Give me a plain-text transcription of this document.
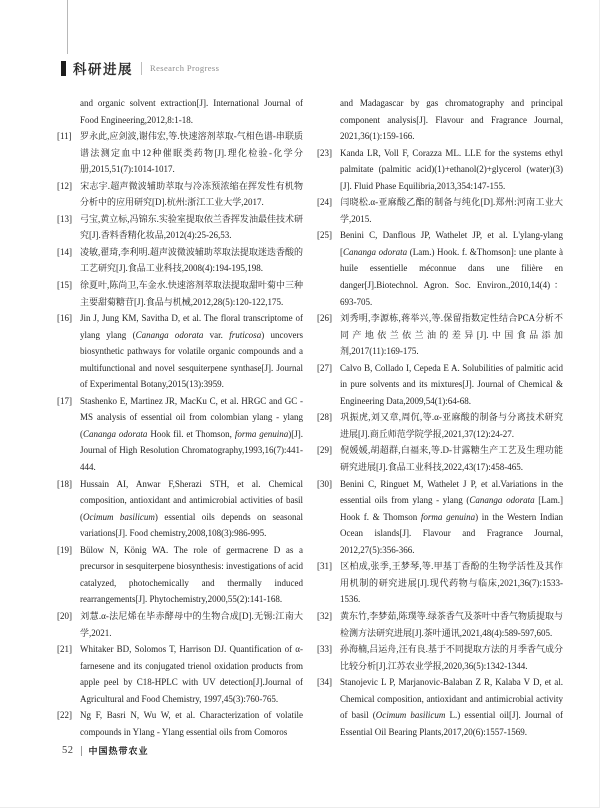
科研进展 Research Progress
and organic solvent extraction[J]. International Journal of Food Engineering,2012,8:1-18.
[11] 罗永此,应剑波,谢伟宏,等.快速溶剂萃取-气相色谱-串联质谱法测定血中12种催眠类药物[J].理化检验-化学分册,2015,51(7):1014-1017.
[12] 宋志宇.超声微波辅助萃取与冷冻预浓缩在挥发性有机物分析中的应用研究[D].杭州:浙江工业大学,2017.
[13] 弓宝,黄立标,冯锦东.实验室提取依兰香挥发油最佳技术研究[J].香料香精化妆品,2012(4):25-26,53.
[14] 凌敏,翟琦,李利明.超声波微波辅助萃取法提取迷迭香酸的工艺研究[J].食品工业科技,2008(4):194-195,198.
[15] 徐夏叶,陈尚卫,车金水.快速溶剂萃取法提取甜叶菊中三种主要甜菊糖苷[J].食品与机械,2012,28(5):120-122,175.
[16] Jin J, Jung KM, Savitha D, et al. The floral transcriptome of ylang ylang (Cananga odorata var. fruticosa) uncovers biosynthetic pathways for volatile organic compounds and a multifunctional and novel sesquiterpene synthase[J]. Journal of Experimental Botany,2015(13):3959.
[17] Stashenko E, Martinez JR, MacKu C, et al. HRGC and GC - MS analysis of essential oil from colombian ylang - ylang (Cananga odorata Hook fil. et Thomson, forma genuina)[J]. Journal of High Resolution Chromatography,1993,16(7):441-444.
[18] Hussain AI, Anwar F,Sherazi STH, et al. Chemical composition, antioxidant and antimicrobial activities of basil (Ocimum basilicum) essential oils depends on seasonal variations[J]. Food chemistry,2008,108(3):986-995.
[19] Bülow N, König WA. The role of germacrene D as a precursor in sesquiterpene biosynthesis: investigations of acid catalyzed, photochemically and thermally induced rearrangements[J]. Phytochemistry,2000,55(2):141-168.
[20] 刘慧.α-法尼烯在毕赤酵母中的生物合成[D].无锡:江南大学,2021.
[21] Whitaker BD, Solomos T, Harrison DJ. Quantification of α-farnesene and its conjugated trienol oxidation products from apple peel by C18-HPLC with UV detection[J].Journal of Agricultural and Food Chemistry, 1997,45(3):760-765.
[22] Ng F, Basri N, Wu W, et al. Characterization of volatile compounds in Ylang - Ylang essential oils from Comoros
and Madagascar by gas chromatography and principal component analysis[J]. Flavour and Fragrance Journal, 2021,36(1):159-166.
[23] Kanda LR, Voll F, Corazza ML. LLE for the systems ethyl palmitate (palmitic acid)(1)+ethanol(2)+glycerol (water)(3)[J]. Fluid Phase Equilibria,2013,354:147-155.
[24] 闫晓松.α-亚麻酸乙酯的制备与纯化[D].郑州:河南工业大学,2015.
[25] Benini C, Danflous JP, Wathelet JP, et al. L'ylang-ylang [Cananga odorata (Lam.) Hook. f. &Thomson]: une plante à huile essentielle méconnue dans une filière en danger[J].Biotechnol. Agron. Soc. Environ.,2010,14(4)：693-705.
[26] 刘秀明,李源栋,蒋举兴,等.保留指数定性结合PCA分析不同产地依兰依兰油的差异[J].中国食品添加剂,2017(11):169-175.
[27] Calvo B, Collado I, Cepeda E A. Solubilities of palmitic acid in pure solvents and its mixtures[J]. Journal of Chemical & Engineering Data,2009,54(1):64-68.
[28] 巩振虎,刘又章,周伔,等.α-亚麻酸的制备与分离技术研究进展[J].商丘师范学院学报,2021,37(12):24-27.
[29] 倪媛媛,胡超群,白福来,等.D-甘露糖生产工艺及生理功能研究进展[J].食品工业科技,2022,43(17):458-465.
[30] Benini C, Ringuet M, Wathelet J P, et al.Variations in the essential oils from ylang - ylang (Cananga odorata [Lam.] Hook f. & Thomson forma genuina) in the Western Indian Ocean islands[J]. Flavour and Fragrance Journal, 2012,27(5):356-366.
[31] 区柏成,张季,王梦琴,等.甲基丁香酚的生物学活性及其作用机制的研究进展[J].现代药物与临床,2021,36(7):1533-1536.
[32] 黄东竹,李梦茹,陈璞等.绿茶香气及茶叶中香气物质提取与检测方法研究进展[J].茶叶通讯,2021,48(4):589-597,605.
[33] 孙海楠,吕运舟,汪有良.基于不同提取方法的月季香气成分比较分析[J].江苏农业学报,2020,36(5):1342-1344.
[34] Stanojevic L P, Marjanovic-Balaban Z R, Kalaba V D, et al. Chemical composition, antioxidant and antimicrobial activity of basil (Ocimum basilicum L.) essential oil[J]. Journal of Essential Oil Bearing Plants,2017,20(6):1557-1569.
52 中国热带农业
